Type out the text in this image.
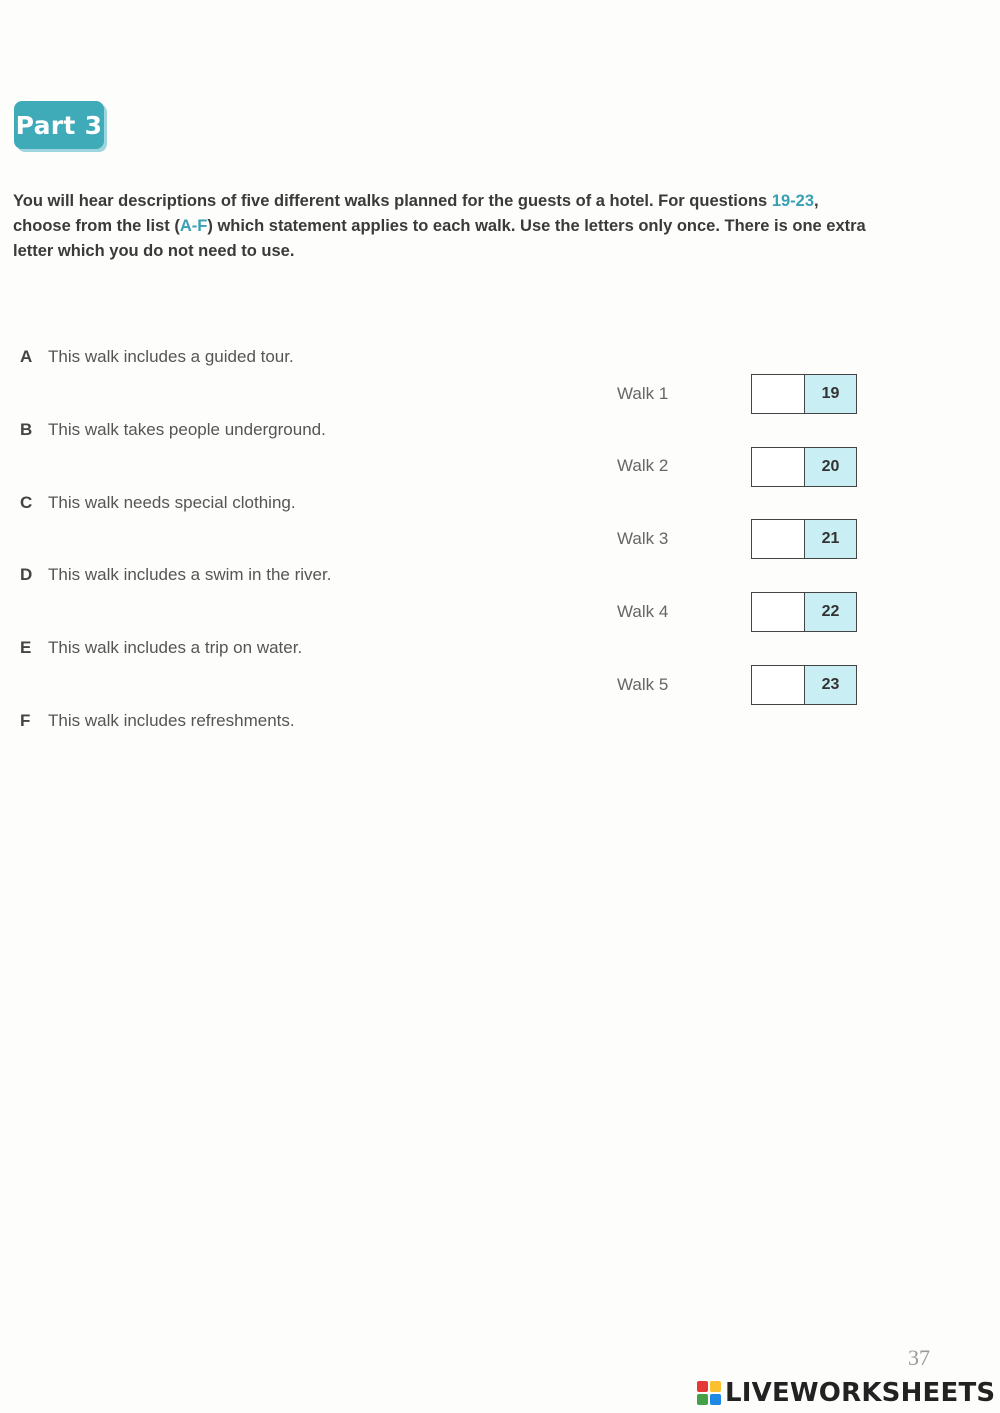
Part 3
You will hear descriptions of five different walks planned for the guests of a hotel. For questions 19-23, choose from the list (A-F) which statement applies to each walk. Use the letters only once. There is one extra letter which you do not need to use.
A This walk includes a guided tour.
B This walk takes people underground.
C This walk needs special clothing.
D This walk includes a swim in the river.
E This walk includes a trip on water.
F	This walk includes refreshments.
Walk 1	19
Walk 2	20
Walk 3	21
Walk 4	22
Walk 5	23
37
LIVEWORKSHEETS
